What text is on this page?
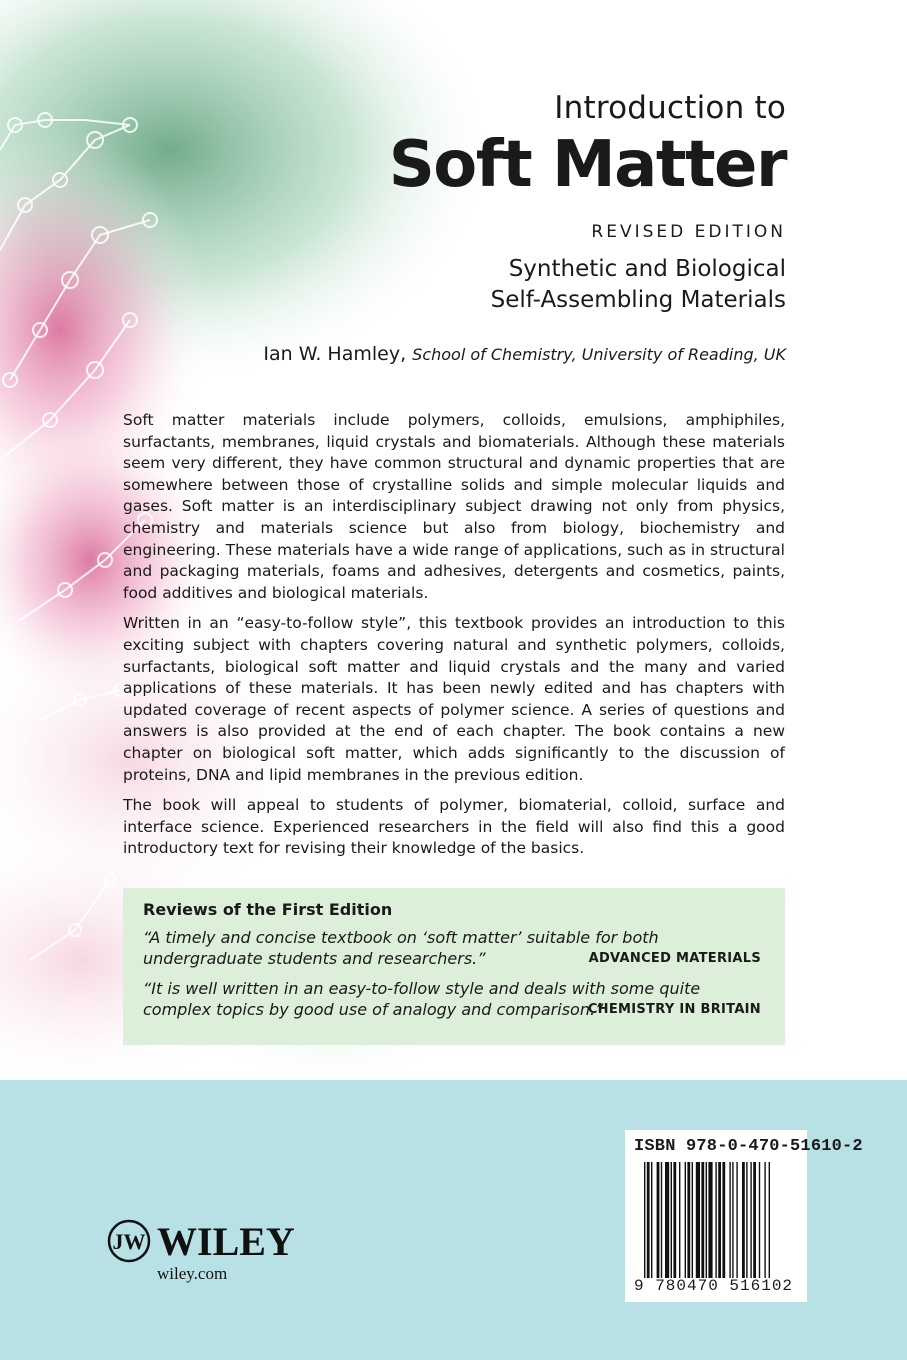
Introduction to
Soft Matter
REVISED EDITION
Synthetic and Biological
Self-Assembling Materials
Ian W. Hamley, School of Chemistry, University of Reading, UK

Soft matter materials include polymers, colloids, emulsions, amphiphiles, surfactants, membranes, liquid crystals and biomaterials. Although these materials seem very different, they have common structural and dynamic properties that are somewhere between those of crystalline solids and simple molecular liquids and gases. Soft matter is an interdisciplinary subject drawing not only from physics, chemistry and materials science but also from biology, biochemistry and engineering. These materials have a wide range of applications, such as in structural and packaging materials, foams and adhesives, detergents and cosmetics, paints, food additives and biological materials.

Written in an “easy-to-follow style”, this textbook provides an introduction to this exciting subject with chapters covering natural and synthetic polymers, colloids, surfactants, biological soft matter and liquid crystals and the many and varied applications of these materials. It has been newly edited and has chapters with updated coverage of recent aspects of polymer science. A series of questions and answers is also provided at the end of each chapter. The book contains a new chapter on biological soft matter, which adds significantly to the discussion of proteins, DNA and lipid membranes in the previous edition.

The book will appeal to students of polymer, biomaterial, colloid, surface and interface science. Experienced researchers in the field will also find this a good introductory text for revising their knowledge of the basics.

Reviews of the First Edition
“A timely and concise textbook on ‘soft matter’ suitable for both undergraduate students and researchers.”	ADVANCED MATERIALS
“It is well written in an easy-to-follow style and deals with some quite complex topics by good use of analogy and comparison.”
CHEMISTRY IN BRITAIN
JW WILEY
wiley.com
ISBN 978-0-470-51610-2
9 780470 516102
